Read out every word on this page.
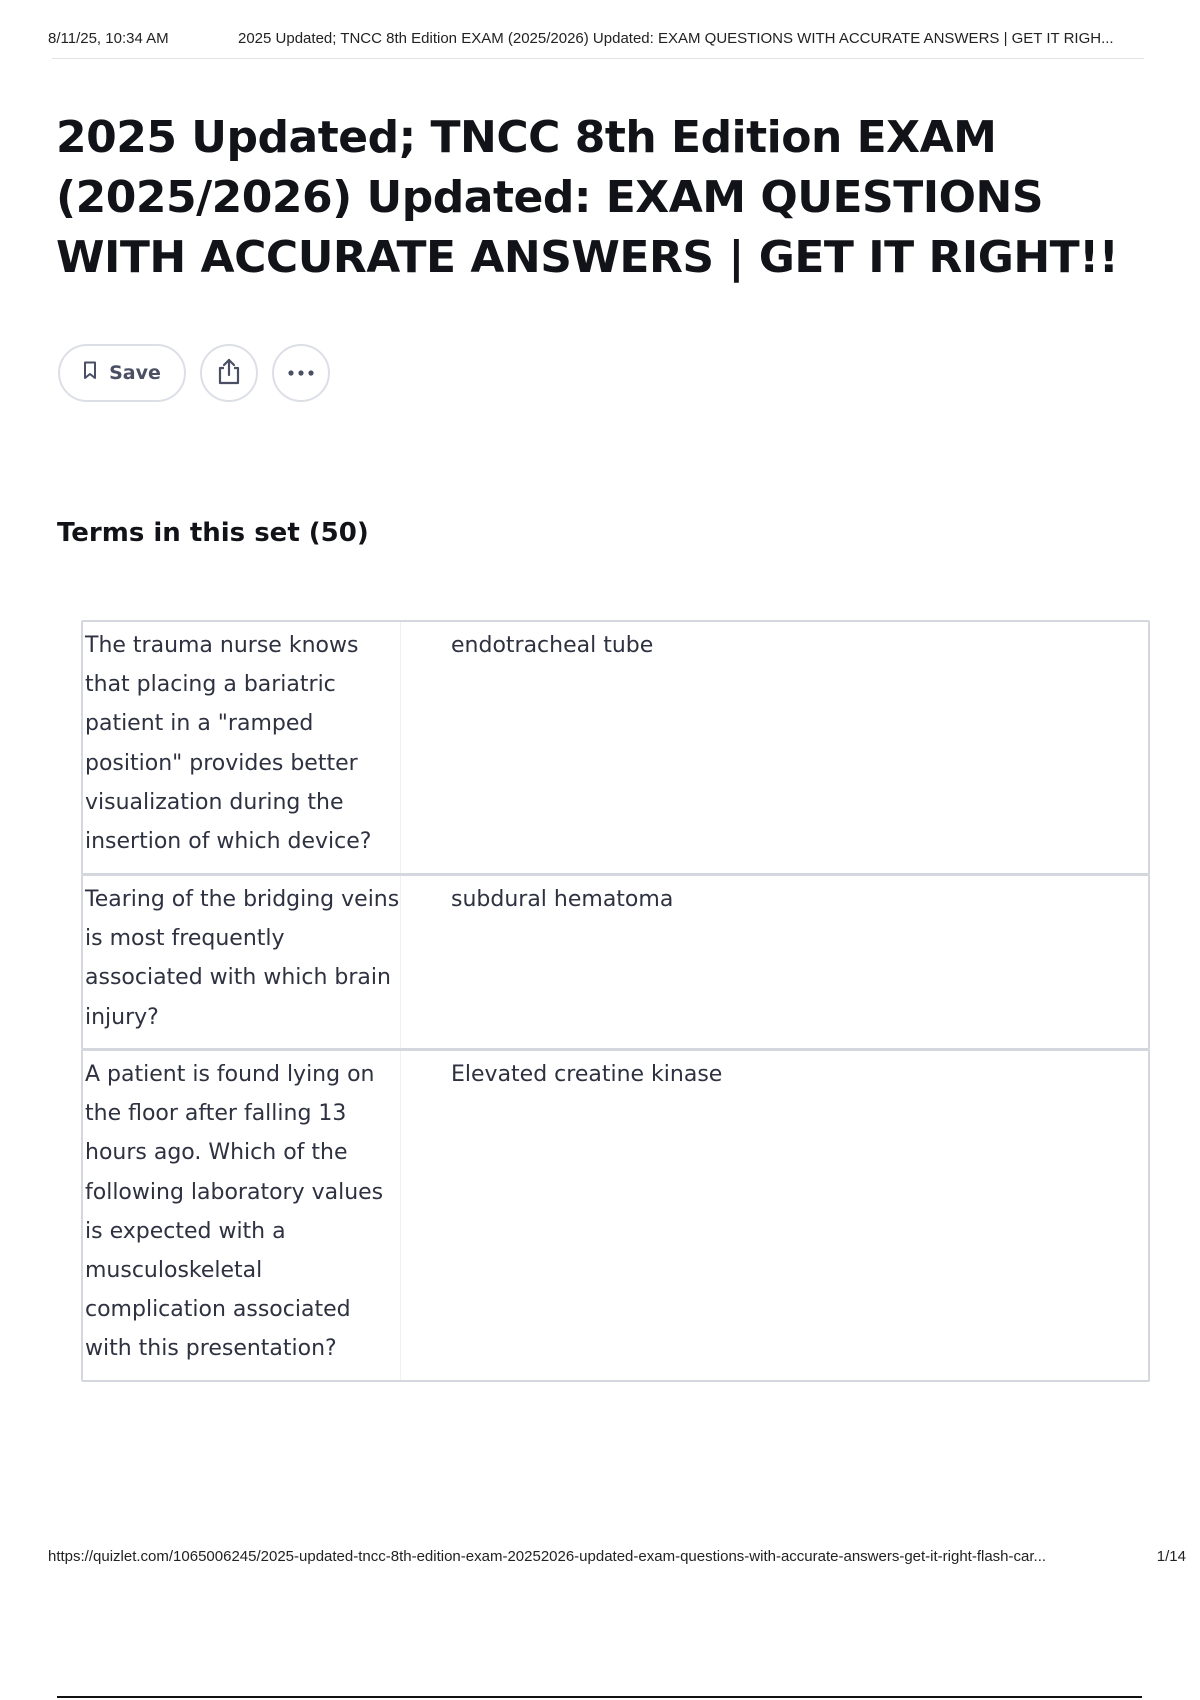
8/11/25, 10:34 AM	2025 Updated; TNCC 8th Edition EXAM (2025/2026) Updated: EXAM QUESTIONS WITH ACCURATE ANSWERS | GET IT RIGH...
2025 Updated; TNCC 8th Edition EXAM (2025/2026) Updated: EXAM QUESTIONS WITH ACCURATE ANSWERS | GET IT RIGHT!!
Save
Terms in this set (50)
The trauma nurse knows that placing a bariatric patient in a "ramped position" provides better visualization during the insertion of which device?
endotracheal tube
Tearing of the bridging veins is most frequently associated with which brain injury?
subdural hematoma
A patient is found lying on the floor after falling 13 hours ago. Which of the following laboratory values is expected with a musculoskeletal complication associated with this presentation?
Elevated creatine kinase
https://quizlet.com/1065006245/2025-updated-tncc-8th-edition-exam-20252026-updated-exam-questions-with-accurate-answers-get-it-right-flash-car...	1/14
